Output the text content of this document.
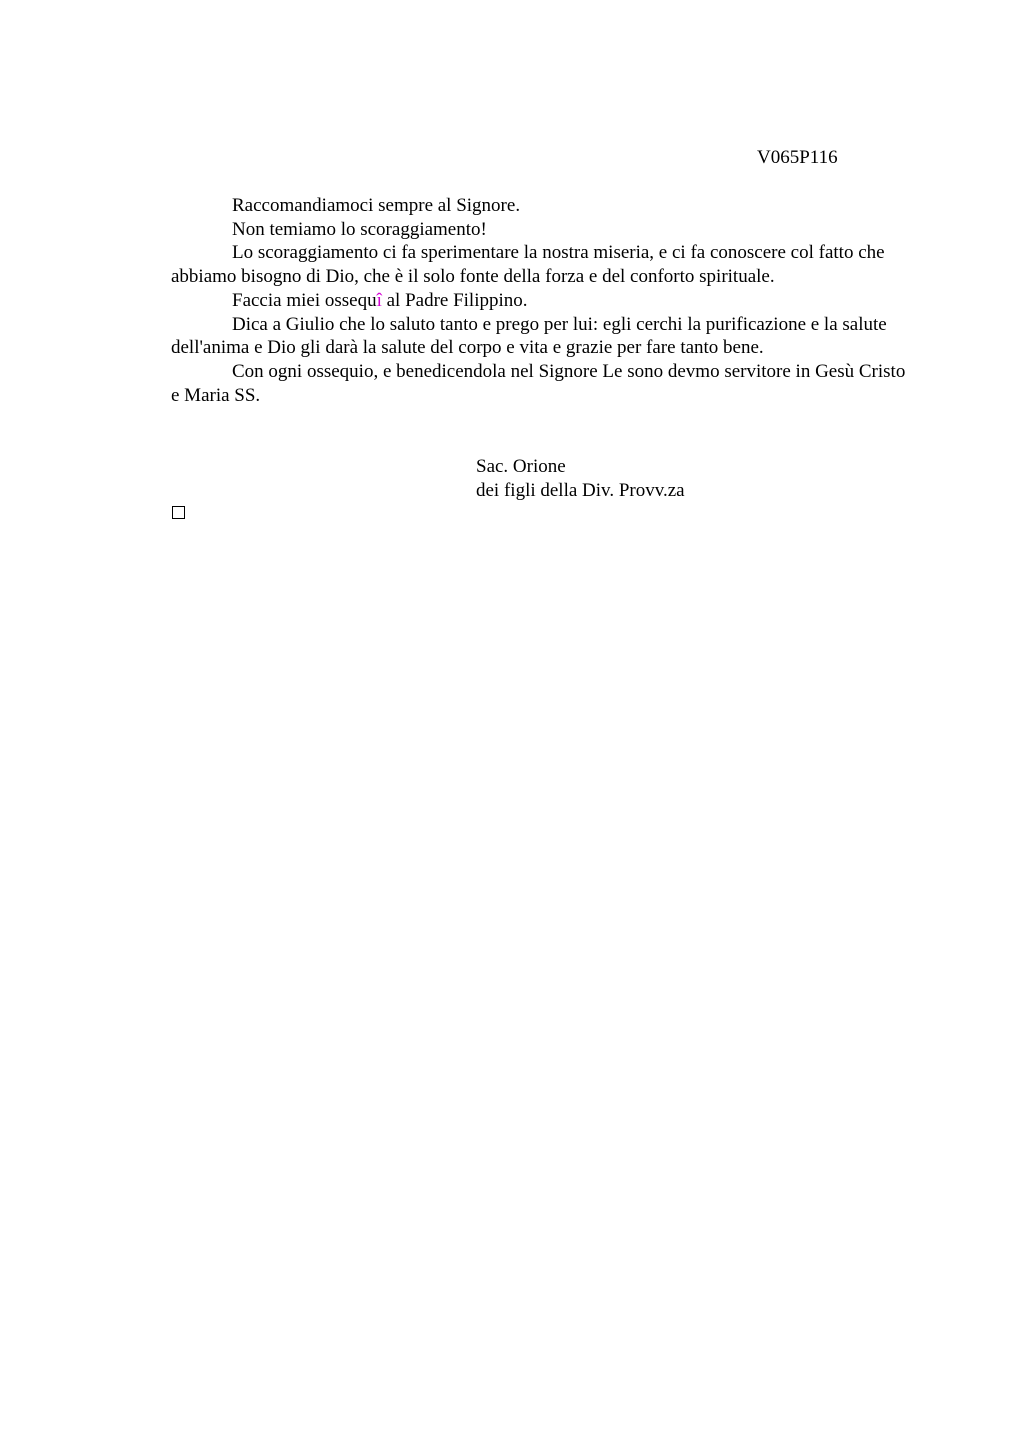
V065P116

Raccomandiamoci sempre al Signore.

Non temiamo lo scoraggiamento!

Lo scoraggiamento ci fa sperimentare la nostra miseria, e ci fa conoscere col fatto che abbiamo bisogno di Dio, che è il solo fonte della forza e del conforto spirituale.

Faccia miei ossequî al Padre Filippino.

Dica a Giulio che lo saluto tanto e prego per lui: egli cerchi la purificazione e la salute dell'anima e Dio gli darà la salute del corpo e vita e grazie per fare tanto bene.

Con ogni ossequio, e benedicendola nel Signore Le sono devmo servitore in Gesù Cristo e Maria SS.

Sac. Orione
dei figli della Div. Provv.za
